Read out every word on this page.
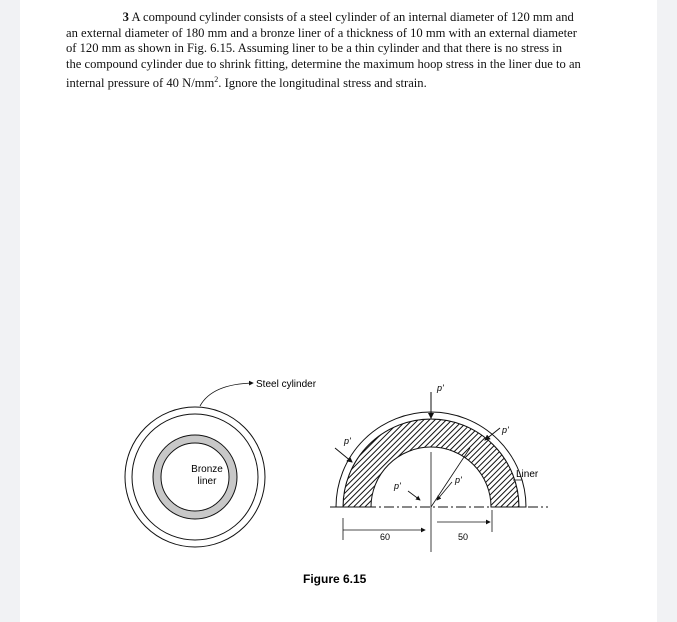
3 A compound cylinder consists of a steel cylinder of an internal diameter of 120 mm and
an external diameter of 180 mm and a bronze liner of a thickness of 10 mm with an external diameter
of 120 mm as shown in Fig. 6.15. Assuming liner to be a thin cylinder and that there is no stress in
the compound cylinder due to shrink fitting, determine the maximum hoop stress in the liner due to an
internal pressure of 40 $N/mm^2$. Ignore the longitudinal stress and strain.
Bronze
liner
Steel cylinder	p'
p'
p'
p'
p'	Liner
60	50
Figure 6.15
